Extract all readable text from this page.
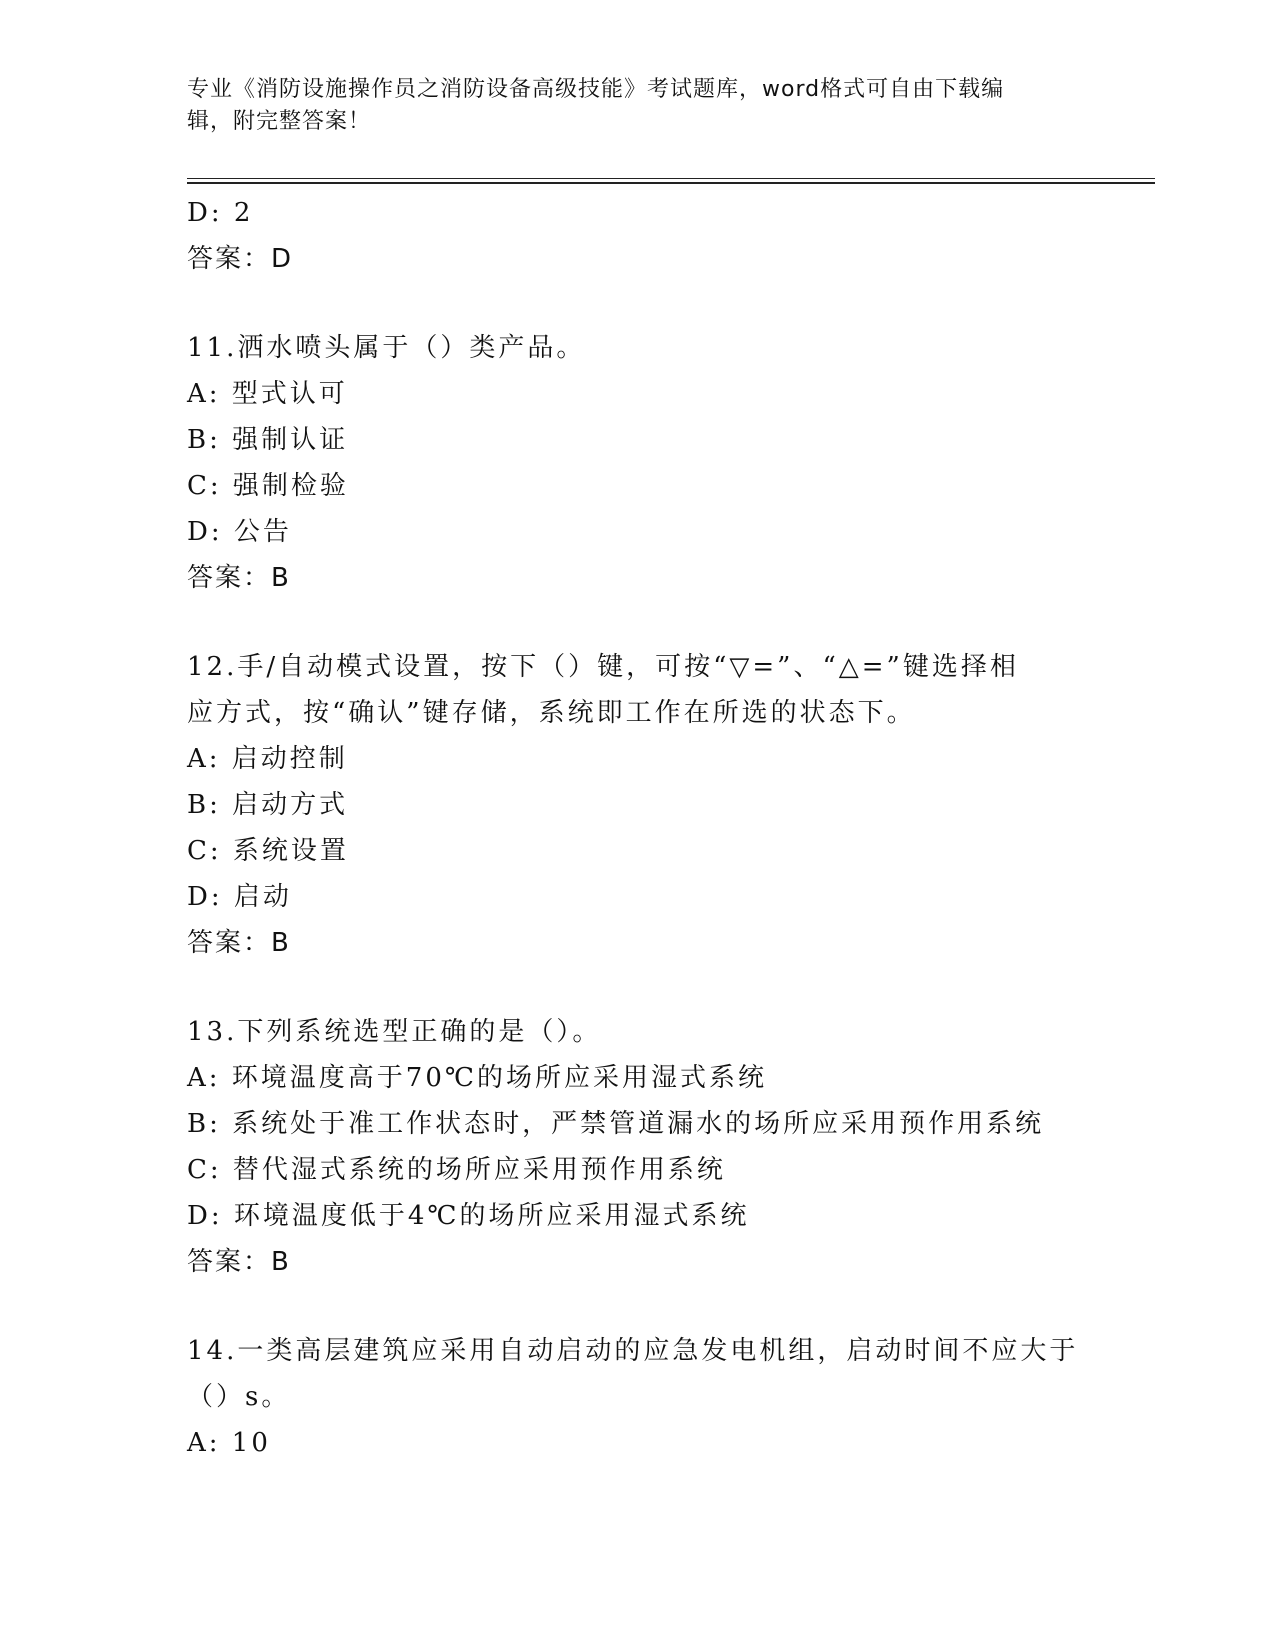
专业《消防设施操作员之消防设备高级技能》考试题库，word格式可自由下载编
辑，附完整答案！
D: 2
答案：D
11.洒水喷头属于（）类产品。
A: 型式认可
B: 强制认证
C: 强制检验
D: 公告
答案：B
12.手/自动模式设置，按下（）键，可按“▽=”、“△=”键选择相
应方式，按“确认”键存储，系统即工作在所选的状态下。
A: 启动控制
B: 启动方式
C: 系统设置
D: 启动
答案：B
13.下列系统选型正确的是（）。
A: 环境温度高于70℃的场所应采用湿式系统
B: 系统处于准工作状态时，严禁管道漏水的场所应采用预作用系统
C: 替代湿式系统的场所应采用预作用系统
D: 环境温度低于4℃的场所应采用湿式系统
答案：B
14.一类高层建筑应采用自动启动的应急发电机组，启动时间不应大于
（）s。
A: 10
